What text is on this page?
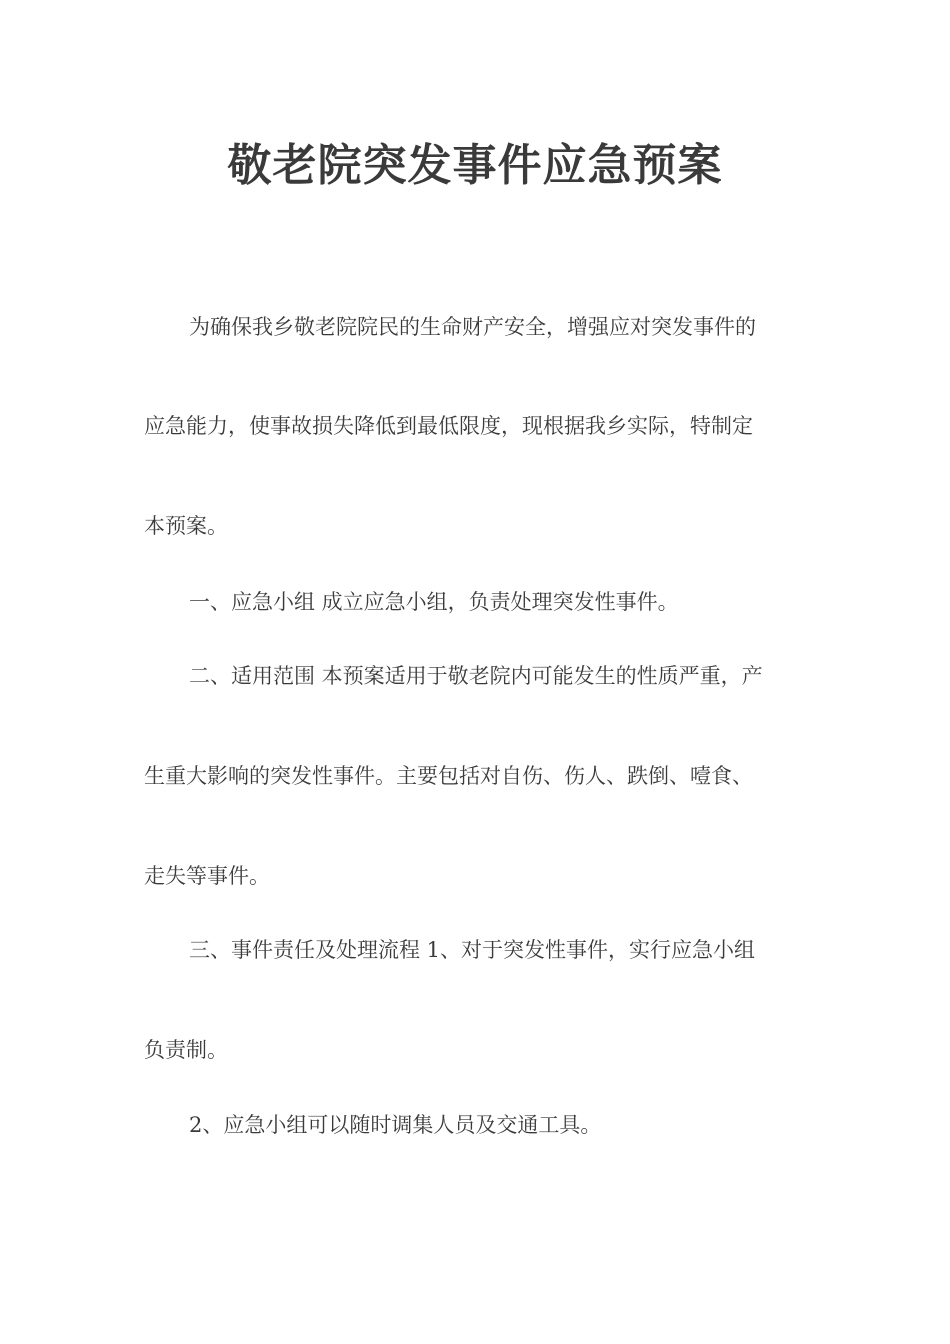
敬老院突发事件应急预案
为确保我乡敬老院院民的生命财产安全，增强应对突发事件的
应急能力，使事故损失降低到最低限度，现根据我乡实际，特制定
本预案。
一、应急小组 成立应急小组，负责处理突发性事件。
二、适用范围 本预案适用于敬老院内可能发生的性质严重，产
生重大影响的突发性事件。主要包括对自伤、伤人、跌倒、噎食、
走失等事件。
三、事件责任及处理流程 1、对于突发性事件，实行应急小组
负责制。
2、应急小组可以随时调集人员及交通工具。
